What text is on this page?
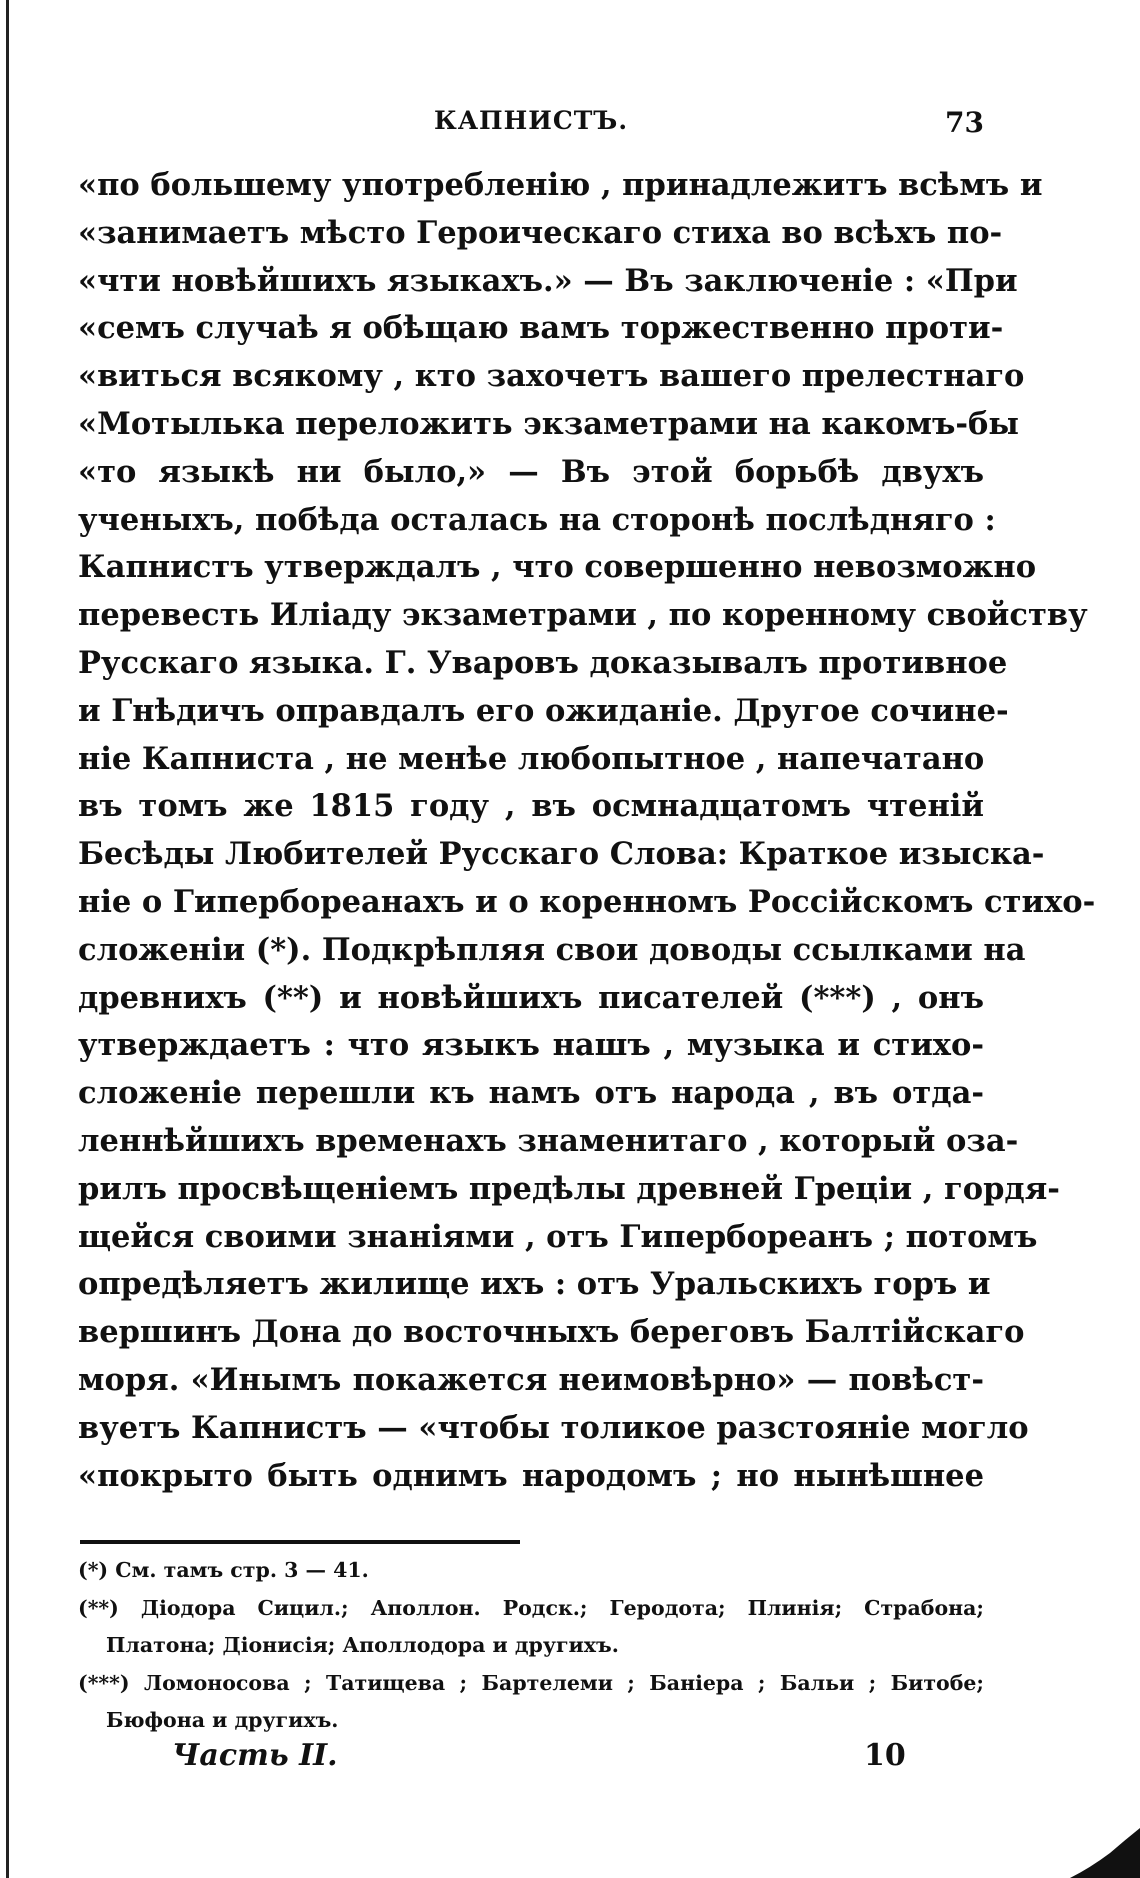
КАПНИСТЪ.	73
«по большему употребленію , принадлежитъ всѣмъ и
«занимаетъ мѣсто Героическаго стиха во всѣхъ по-
«чти новѣйшихъ языкахъ.» — Въ заключеніе : «При
«семъ случаѣ я обѣщаю вамъ торжественно проти-
«виться всякому , кто захочетъ вашего прелестнаго
«Мотылька переложить экзаметрами на какомъ-бы
«то языкѣ ни было,» — Въ этой борьбѣ двухъ
ученыхъ, побѣда осталась на сторонѣ послѣдняго :
Капнистъ утверждалъ , что совершенно невозможно
перевесть Иліаду экзаметрами , по коренному свойству
Русскаго языка. Г. Уваровъ доказывалъ противное
и Гнѣдичъ оправдалъ его ожиданіе. Другое сочине-
ніе Капниста , не менѣе любопытное , напечатано
въ томъ же 1815 году , въ осмнадцатомъ чтеній
Бесѣды Любителей Русскаго Слова: Краткое изыска-
ніе о Гипербореанахъ и о коренномъ Россійскомъ стихо-
сложеніи (*). Подкрѣпляя свои доводы ссылками на
древнихъ (**) и новѣйшихъ писателей (***) , онъ
утверждаетъ : что языкъ нашъ , музыка и стихо-
сложеніе перешли къ намъ отъ народа , въ отда-
леннѣйшихъ временахъ знаменитаго , который оза-
рилъ просвѣщеніемъ предѣлы древней Греціи , гордя-
щейся своими знаніями , отъ Гипербореанъ ; потомъ
опредѣляетъ жилище ихъ : отъ Уральскихъ горъ и
вершинъ Дона до восточныхъ береговъ Балтійскаго
моря. «Инымъ покажется неимовѣрно» — повѣст-
вуетъ Капнистъ — «чтобы толикое разстояніе могло
«покрыто быть однимъ народомъ ; но нынѣшнее
(*) См. тамъ стр. 3 — 41.
(**) Діодора Сицил.; Аполлон. Родск.; Геродота; Плинія; Страбона;
Платона; Діонисія; Аполлодора и другихъ.
(***) Ломоносова ; Татищева ; Бартелеми ; Баніера ; Бальи ; Битобе;
Бюфона и другихъ.
Часть II.	10
